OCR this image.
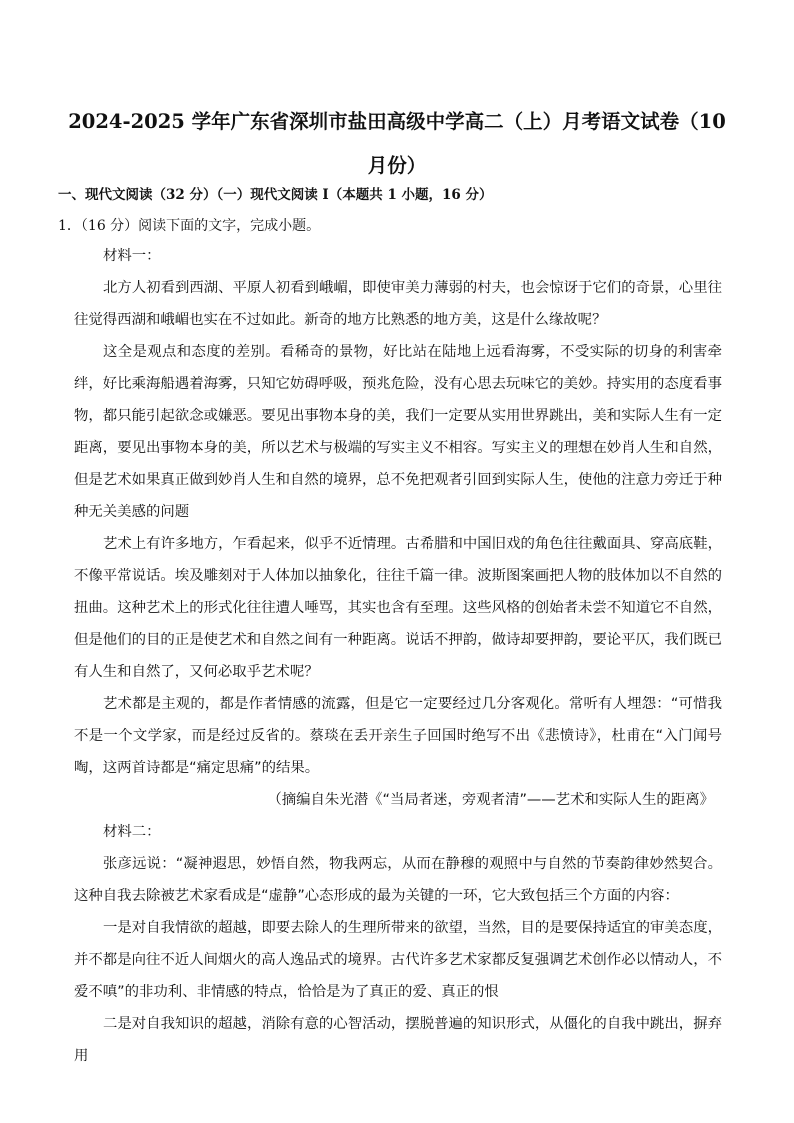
2024-2025 学年广东省深圳市盐田高级中学高二（上）月考语文试卷（10
月份）
一、现代文阅读（32 分）（一）现代文阅读 I（本题共 1 小题，16 分）
1．（16 分）阅读下面的文字，完成小题。

材料一：

北方人初看到西湖、平原人初看到峨嵋，即使审美力薄弱的村夫，也会惊讶于它们的奇景，心里往往觉得西湖和峨嵋也实在不过如此。新奇的地方比熟悉的地方美，这是什么缘故呢？

这全是观点和态度的差别。看稀奇的景物，好比站在陆地上远看海雾，不受实际的切身的利害牵绊，好比乘海船遇着海雾，只知它妨碍呼吸，预兆危险，没有心思去玩味它的美妙。持实用的态度看事物，都只能引起欲念或嫌恶。要见出事物本身的美，我们一定要从实用世界跳出，美和实际人生有一定距离，要见出事物本身的美，所以艺术与极端的写实主义不相容。写实主义的理想在妙肖人生和自然，但是艺术如果真正做到妙肖人生和自然的境界，总不免把观者引回到实际人生，使他的注意力旁迁于种种无关美感的问题

艺术上有许多地方，乍看起来，似乎不近情理。古希腊和中国旧戏的角色往往戴面具、穿高底鞋，不像平常说话。埃及雕刻对于人体加以抽象化，往往千篇一律。波斯图案画把人物的肢体加以不自然的扭曲。这种艺术上的形式化往往遭人唾骂，其实也含有至理。这些风格的创始者未尝不知道它不自然，但是他们的目的正是使艺术和自然之间有一种距离。说话不押韵，做诗却要押韵，要论平仄，我们既已有人生和自然了，又何必取乎艺术呢？

艺术都是主观的，都是作者情感的流露，但是它一定要经过几分客观化。常听有人埋怨：“可惜我不是一个文学家，而是经过反省的。蔡琰在丢开亲生子回国时绝写不出《悲愤诗》，杜甫在“入门闻号啕，这两首诗都是“痛定思痛”的结果。

（摘编自朱光潜《“当局者迷，旁观者清”——艺术和实际人生的距离》

材料二：

张彦远说：“凝神遐思，妙悟自然，物我两忘，从而在静穆的观照中与自然的节奏韵律妙然契合。这种自我去除被艺术家看成是“虚静”心态形成的最为关键的一环，它大致包括三个方面的内容：

一是对自我情欲的超越，即要去除人的生理所带来的欲望，当然，目的是要保持适宜的审美态度，并不都是向往不近人间烟火的高人逸品式的境界。古代许多艺术家都反复强调艺术创作必以情动人，不爱不嗔”的非功利、非情感的特点，恰恰是为了真正的爱、真正的恨

二是对自我知识的超越，消除有意的心智活动，摆脱普遍的知识形式，从僵化的自我中跳出，摒弃用
